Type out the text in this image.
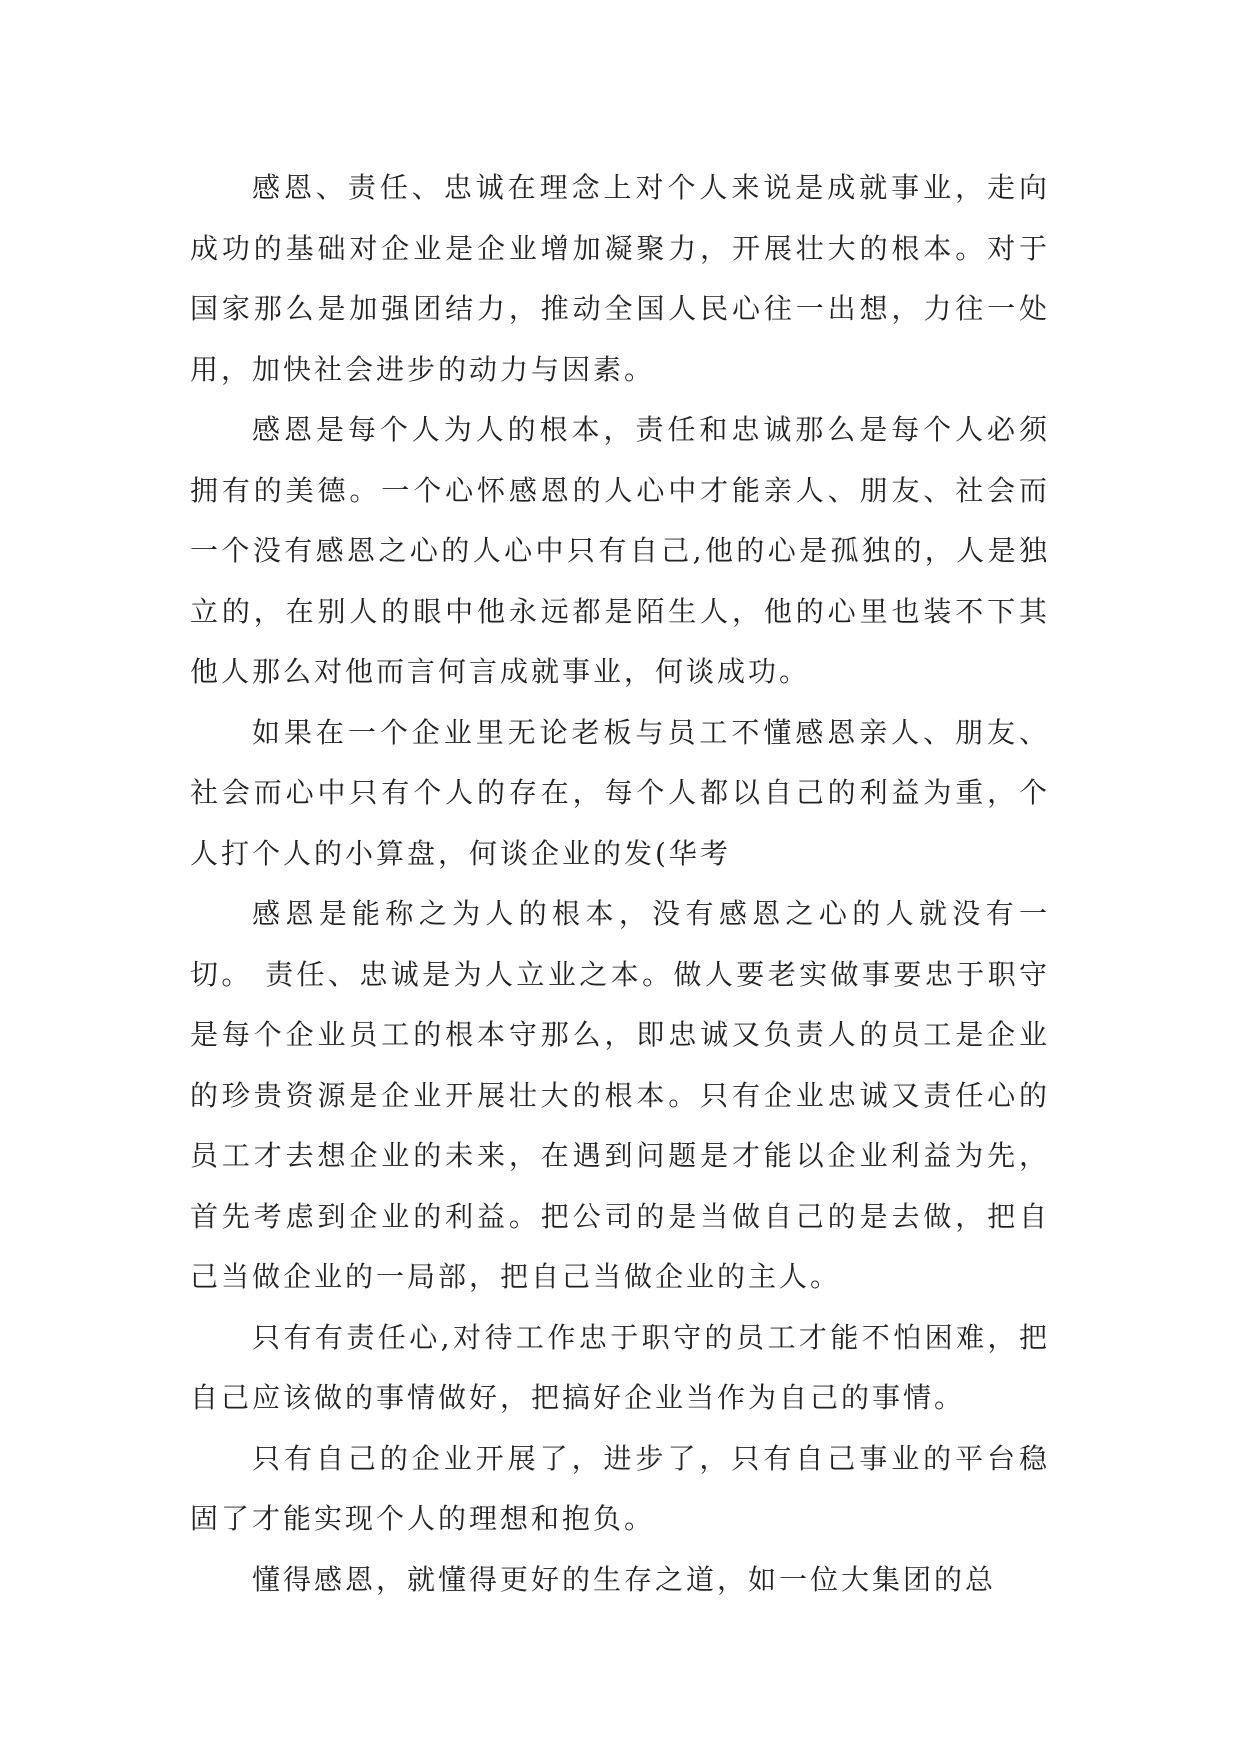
感恩、责任、忠诚在理念上对个人来说是成就事业，走向成功的基础对企业是企业增加凝聚力，开展壮大的根本。对于国家那么是加强团结力，推动全国人民心往一出想，力往一处用，加快社会进步的动力与因素。

感恩是每个人为人的根本，责任和忠诚那么是每个人必须拥有的美德。一个心怀感恩的人心中才能亲人、朋友、社会而一个没有感恩之心的人心中只有自己,他的心是孤独的，人是独立的，在别人的眼中他永远都是陌生人，他的心里也装不下其他人那么对他而言何言成就事业，何谈成功。

如果在一个企业里无论老板与员工不懂感恩亲人、朋友、社会而心中只有个人的存在，每个人都以自己的利益为重，个人打个人的小算盘，何谈企业的发(华考

感恩是能称之为人的根本，没有感恩之心的人就没有一切。 责任、忠诚是为人立业之本。做人要老实做事要忠于职守是每个企业员工的根本守那么，即忠诚又负责人的员工是企业的珍贵资源是企业开展壮大的根本。只有企业忠诚又责任心的员工才去想企业的未来，在遇到问题是才能以企业利益为先，首先考虑到企业的利益。把公司的是当做自己的是去做，把自己当做企业的一局部，把自己当做企业的主人。

只有有责任心,对待工作忠于职守的员工才能不怕困难，把自己应该做的事情做好，把搞好企业当作为自己的事情。

只有自己的企业开展了，进步了，只有自己事业的平台稳固了才能实现个人的理想和抱负。

懂得感恩，就懂得更好的生存之道，如一位大集团的总
